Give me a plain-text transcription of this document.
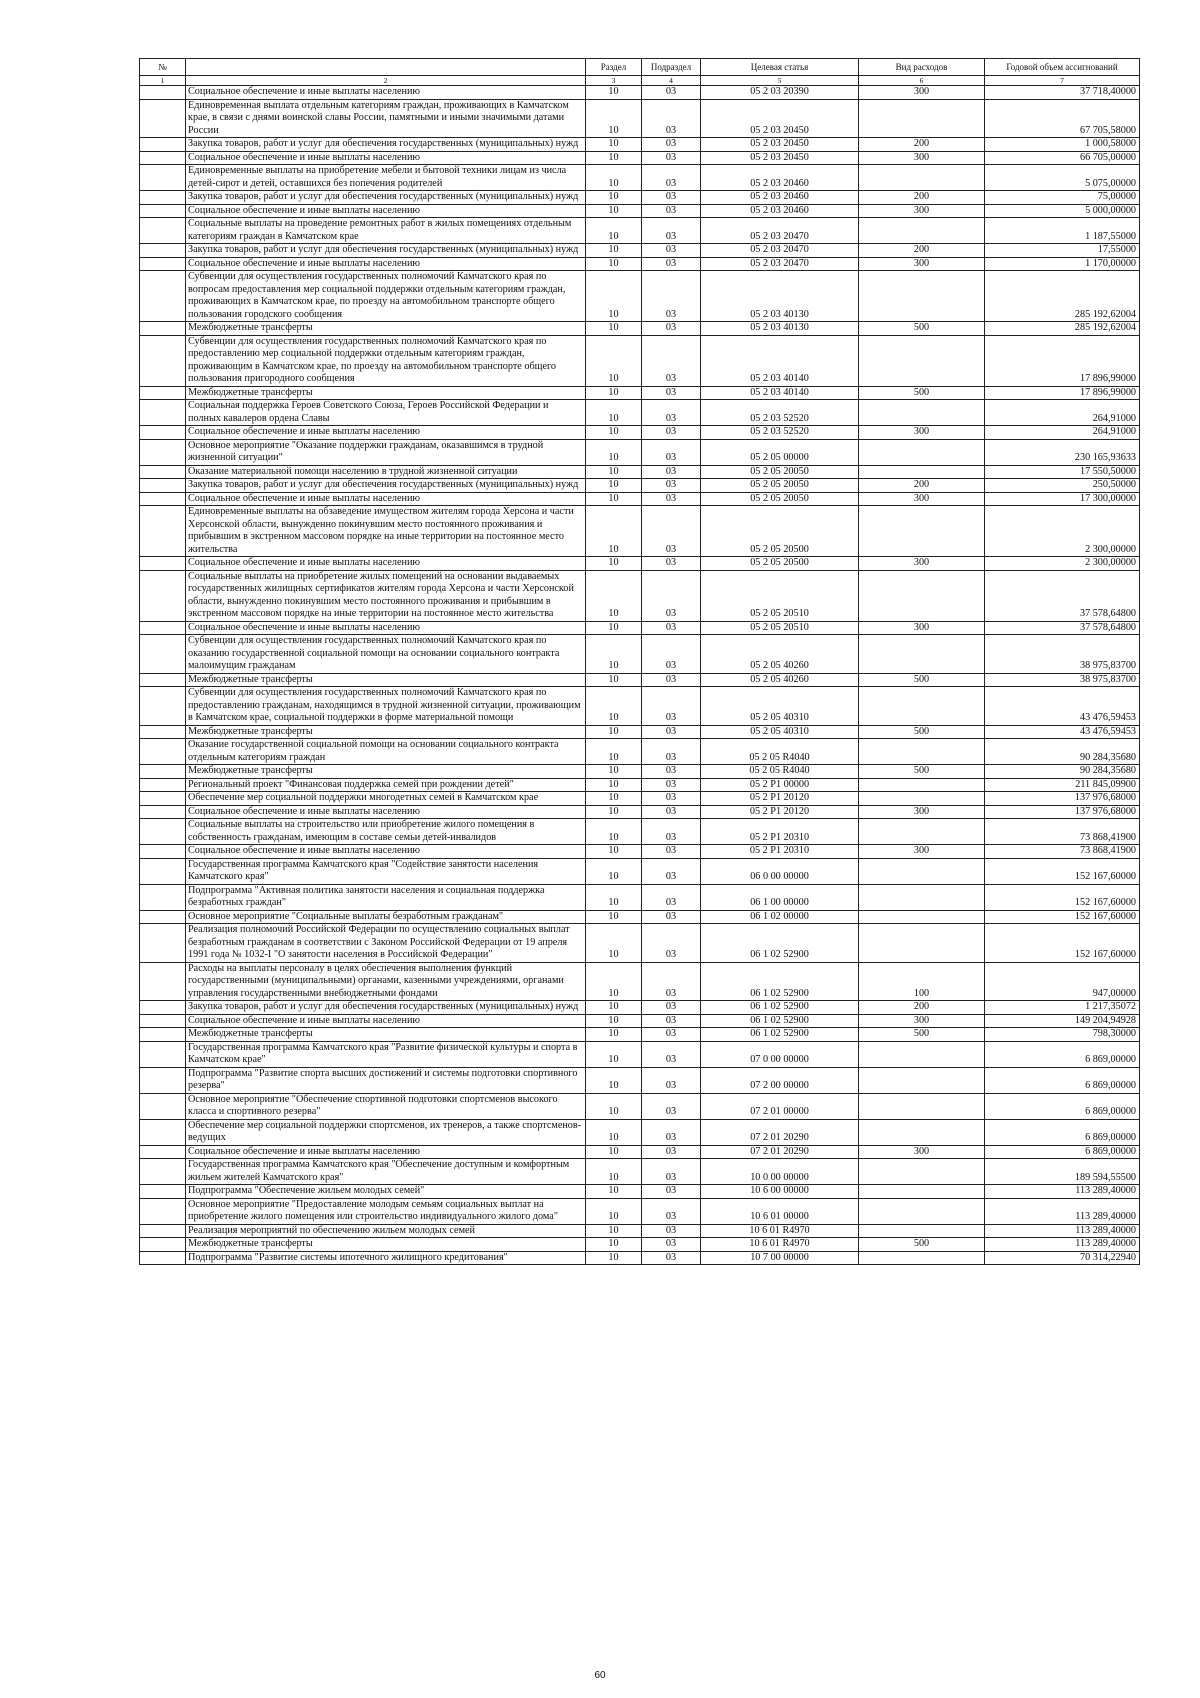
№		Раздел	Подраздел	Целевая статья	Вид расходов	Годовой объем ассигнований
1	2	3	4	5	6	7
	Социальное обеспечение и иные выплаты населению	10	03	05 2 03 20390	300	37 718,40000
	Единовременная выплата отдельным категориям граждан, проживающих в Камчатском крае, в связи с днями воинской славы России, памятными и иными значимыми датами России	10	03	05 2 03 20450		67 705,58000
	Закупка товаров, работ и услуг для обеспечения государственных (муниципальных) нужд	10	03	05 2 03 20450	200	1 000,58000
	Социальное обеспечение и иные выплаты населению	10	03	05 2 03 20450	300	66 705,00000
	Единовременные выплаты на приобретение мебели и бытовой техники лицам из числа детей-сирот и детей, оставшихся без попечения родителей	10	03	05 2 03 20460		5 075,00000
	Закупка товаров, работ и услуг для обеспечения государственных (муниципальных) нужд	10	03	05 2 03 20460	200	75,00000
	Социальное обеспечение и иные выплаты населению	10	03	05 2 03 20460	300	5 000,00000
	Социальные выплаты на проведение ремонтных работ в жилых помещениях отдельным категориям граждан в Камчатском крае	10	03	05 2 03 20470		1 187,55000
	Закупка товаров, работ и услуг для обеспечения государственных (муниципальных) нужд	10	03	05 2 03 20470	200	17,55000
	Социальное обеспечение и иные выплаты населению	10	03	05 2 03 20470	300	1 170,00000
	Субвенции для осуществления государственных полномочий Камчатского края по вопросам предоставления мер социальной поддержки отдельным категориям граждан, проживающих в Камчатском крае, по проезду на автомобильном транспорте общего пользования городского сообщения	10	03	05 2 03 40130		285 192,62004
	Межбюджетные трансферты	10	03	05 2 03 40130	500	285 192,62004
	Субвенции для осуществления государственных полномочий Камчатского края по предоставлению мер социальной поддержки отдельным категориям граждан, проживающим в Камчатском крае, по проезду на автомобильном транспорте общего пользования пригородного сообщения	10	03	05 2 03 40140		17 896,99000
	Межбюджетные трансферты	10	03	05 2 03 40140	500	17 896,99000
	Социальная поддержка Героев Советского Союза, Героев Российской Федерации и полных кавалеров ордена Славы	10	03	05 2 03 52520		264,91000
	Социальное обеспечение и иные выплаты населению	10	03	05 2 03 52520	300	264,91000
	Основное мероприятие "Оказание поддержки гражданам, оказавшимся в трудной жизненной ситуации"	10	03	05 2 05 00000		230 165,93633
	Оказание материальной помощи населению в трудной жизненной ситуации	10	03	05 2 05 20050		17 550,50000
	Закупка товаров, работ и услуг для обеспечения государственных (муниципальных) нужд	10	03	05 2 05 20050	200	250,50000
	Социальное обеспечение и иные выплаты населению	10	03	05 2 05 20050	300	17 300,00000
	Единовременные выплаты на обзаведение имуществом жителям города Херсона и части Херсонской области, вынужденно покинувшим место постоянного проживания и прибывшим в экстренном массовом порядке на иные территории на постоянное место жительства	10	03	05 2 05 20500		2 300,00000
	Социальное обеспечение и иные выплаты населению	10	03	05 2 05 20500	300	2 300,00000
	Социальные выплаты на приобретение жилых помещений на основании выдаваемых государственных жилищных сертификатов жителям города Херсона и части Херсонской области, вынужденно покинувшим место постоянного проживания и прибывшим в экстренном массовом порядке на иные территории на постоянное место жительства	10	03	05 2 05 20510		37 578,64800
	Социальное обеспечение и иные выплаты населению	10	03	05 2 05 20510	300	37 578,64800
	Субвенции для осуществления государственных полномочий Камчатского края по оказанию государственной социальной помощи на основании социального контракта малоимущим гражданам	10	03	05 2 05 40260		38 975,83700
	Межбюджетные трансферты	10	03	05 2 05 40260	500	38 975,83700
	Субвенции для осуществления государственных полномочий Камчатского края по предоставлению гражданам, находящимся в трудной жизненной ситуации, проживающим в Камчатском крае, социальной поддержки в форме материальной помощи	10	03	05 2 05 40310		43 476,59453
	Межбюджетные трансферты	10	03	05 2 05 40310	500	43 476,59453
	Оказание государственной социальной помощи на основании социального контракта отдельным категориям граждан	10	03	05 2 05 R4040		90 284,35680
	Межбюджетные трансферты	10	03	05 2 05 R4040	500	90 284,35680
	Региональный проект "Финансовая поддержка семей при рождении детей"	10	03	05 2 P1 00000		211 845,09900
	Обеспечение мер социальной поддержки многодетных семей в Камчатском крае	10	03	05 2 P1 20120		137 976,68000
	Социальное обеспечение и иные выплаты населению	10	03	05 2 P1 20120	300	137 976,68000
	Социальные выплаты на строительство или приобретение жилого помещения в собственность гражданам, имеющим в составе семьи детей-инвалидов	10	03	05 2 P1 20310		73 868,41900
	Социальное обеспечение и иные выплаты населению	10	03	05 2 P1 20310	300	73 868,41900
	Государственная программа Камчатского края "Содействие занятости населения Камчатского края"	10	03	06 0 00 00000		152 167,60000
	Подпрограмма "Активная политика занятости населения и социальная поддержка безработных граждан"	10	03	06 1 00 00000		152 167,60000
	Основное мероприятие "Социальные выплаты безработным гражданам"	10	03	06 1 02 00000		152 167,60000
	Реализация полномочий Российской Федерации по осуществлению социальных выплат безработным гражданам в соответствии с Законом Российской Федерации от 19 апреля 1991 года № 1032-I "О занятости населения в Российской Федерации"	10	03	06 1 02 52900		152 167,60000
	Расходы на выплаты персоналу в целях обеспечения выполнения функций государственными (муниципальными) органами, казенными учреждениями, органами управления государственными внебюджетными фондами	10	03	06 1 02 52900	100	947,00000
	Закупка товаров, работ и услуг для обеспечения государственных (муниципальных) нужд	10	03	06 1 02 52900	200	1 217,35072
	Социальное обеспечение и иные выплаты населению	10	03	06 1 02 52900	300	149 204,94928
	Межбюджетные трансферты	10	03	06 1 02 52900	500	798,30000
	Государственная программа Камчатского края "Развитие физической культуры и спорта в Камчатском крае"	10	03	07 0 00 00000		6 869,00000
	Подпрограмма "Развитие спорта высших достижений и системы подготовки спортивного резерва"	10	03	07 2 00 00000		6 869,00000
	Основное мероприятие "Обеспечение спортивной подготовки спортсменов высокого класса и спортивного резерва"	10	03	07 2 01 00000		6 869,00000
	Обеспечение мер социальной поддержки спортсменов, их тренеров, а также спортсменов-ведущих	10	03	07 2 01 20290		6 869,00000
	Социальное обеспечение и иные выплаты населению	10	03	07 2 01 20290	300	6 869,00000
	Государственная программа Камчатского края "Обеспечение доступным и комфортным жильем жителей Камчатского края"	10	03	10 0 00 00000		189 594,55500
	Подпрограмма "Обеспечение жильем молодых семей"	10	03	10 6 00 00000		113 289,40000
	Основное мероприятие "Предоставление молодым семьям социальных выплат на приобретение жилого помещения или строительство индивидуального жилого дома"	10	03	10 6 01 00000		113 289,40000
	Реализация мероприятий по обеспечению жильем молодых семей	10	03	10 6 01 R4970		113 289,40000
	Межбюджетные трансферты	10	03	10 6 01 R4970	500	113 289,40000
	Подпрограмма "Развитие системы ипотечного жилищного кредитования"	10	03	10 7 00 00000		70 314,22940
60
